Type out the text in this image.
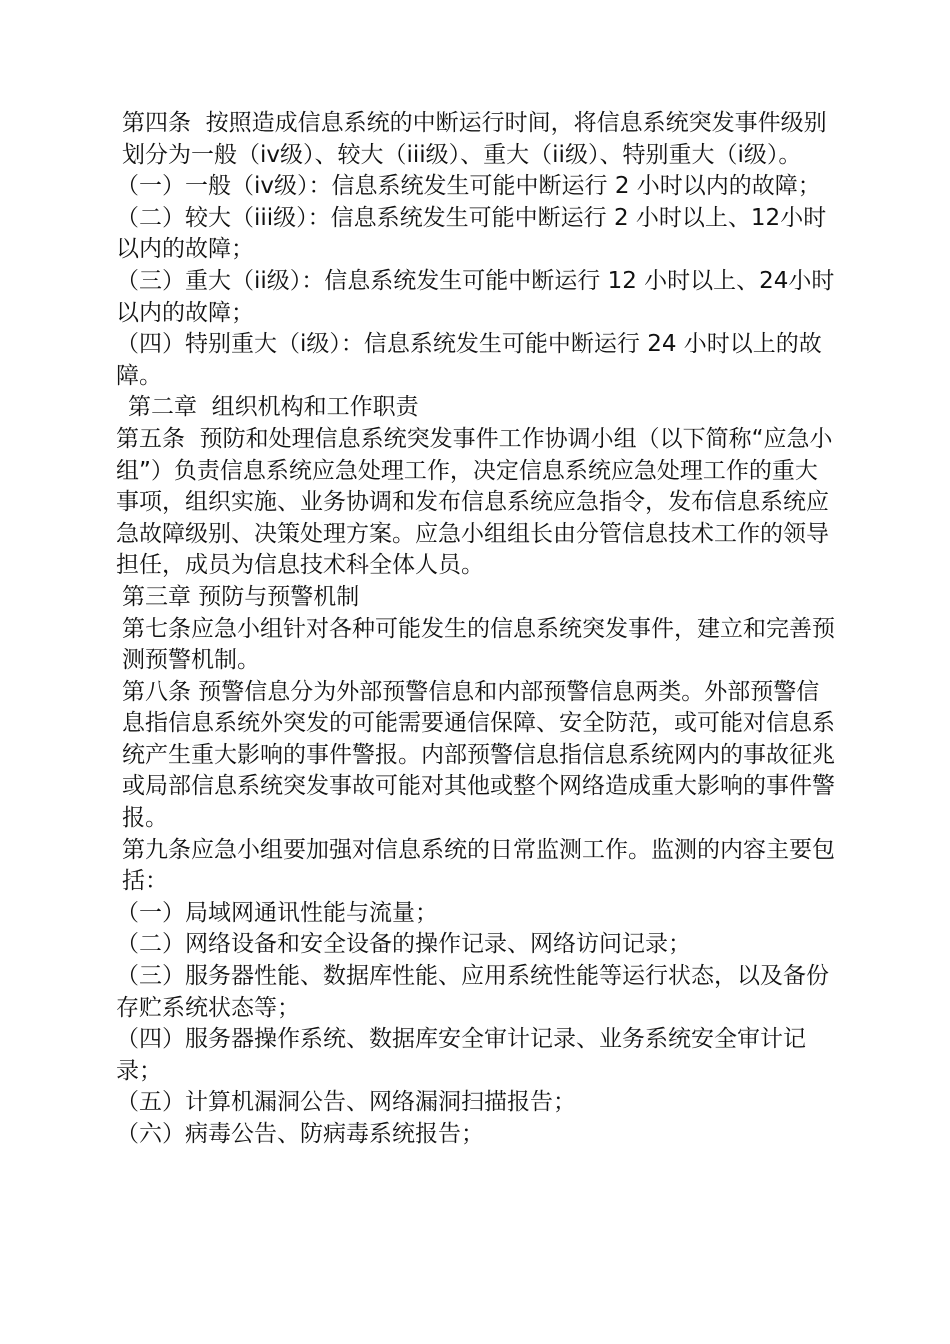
第四条  按照造成信息系统的中断运行时间，将信息系统突发事件级别划分为一般（iv级）、较大（iii级）、重大（ii级）、特别重大（i级）。

（一）一般（iv级）：信息系统发生可能中断运行 2 小时以内的故障；

（二）较大（iii级）：信息系统发生可能中断运行 2 小时以上、12小时以内的故障；

（三）重大（ii级）：信息系统发生可能中断运行 12 小时以上、24小时以内的故障；

（四）特别重大（i级）：信息系统发生可能中断运行 24 小时以上的故障。

第二章  组织机构和工作职责

第五条  预防和处理信息系统突发事件工作协调小组（以下简称“应急小组”）负责信息系统应急处理工作，决定信息系统应急处理工作的重大事项，组织实施、业务协调和发布信息系统应急指令，发布信息系统应急故障级别、决策处理方案。应急小组组长由分管信息技术工作的领导担任，成员为信息技术科全体人员。

第三章 预防与预警机制

第七条应急小组针对各种可能发生的信息系统突发事件，建立和完善预测预警机制。

第八条 预警信息分为外部预警信息和内部预警信息两类。外部预警信息指信息系统外突发的可能需要通信保障、安全防范，或可能对信息系统产生重大影响的事件警报。内部预警信息指信息系统网内的事故征兆或局部信息系统突发事故可能对其他或整个网络造成重大影响的事件警报。

第九条应急小组要加强对信息系统的日常监测工作。监测的内容主要包括：

（一）局域网通讯性能与流量；

（二）网络设备和安全设备的操作记录、网络访问记录；

（三）服务器性能、数据库性能、应用系统性能等运行状态，以及备份存贮系统状态等；

（四）服务器操作系统、数据库安全审计记录、业务系统安全审计记录；

（五）计算机漏洞公告、网络漏洞扫描报告；

（六）病毒公告、防病毒系统报告；
